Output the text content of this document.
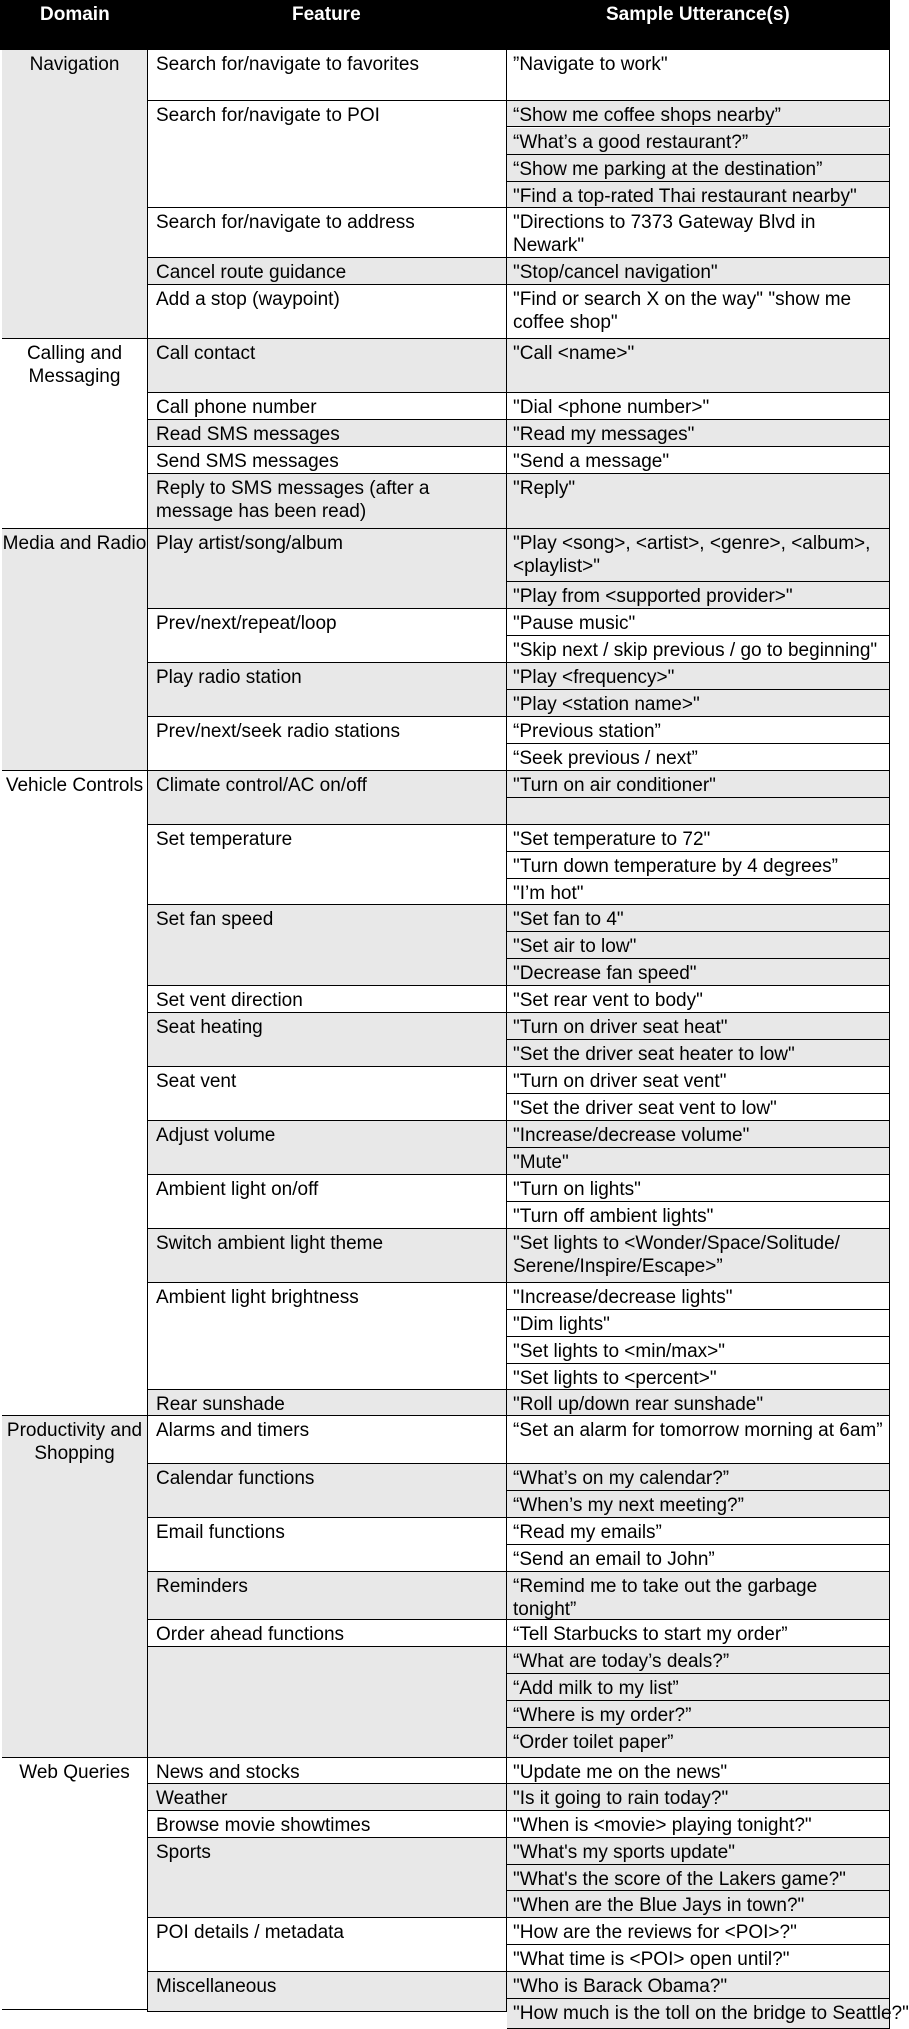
Domain	Feature	Sample Utterance(s)
Navigation
Calling and Messaging
Media and Radio
Vehicle Controls
Productivity and Shopping
Web Queries
Search for/navigate to favorites
Search for/navigate to POI
Search for/navigate to address
Cancel route guidance
Add a stop (waypoint)
Call contact
Call phone number
Read SMS messages
Send SMS messages
Reply to SMS messages (after a message has been read)
Play artist/song/album
Prev/next/repeat/loop
Play radio station
Prev/next/seek radio stations
Climate control/AC on/off
Set temperature
Set fan speed
Set vent direction
Seat heating
Seat vent
Adjust volume
Ambient light on/off
Switch ambient light theme
Ambient light brightness
Rear sunshade
Alarms and timers
Calendar functions
Email functions
Reminders
Order ahead functions
News and stocks
Weather
Browse movie showtimes
Sports
POI details / metadata
Miscellaneous
”Navigate to work"
“Show me coffee shops nearby”
“What’s a good restaurant?”
“Show me parking at the destination”
"Find a top-rated Thai restaurant nearby"
"Directions to 7373 Gateway Blvd in Newark"
"Stop/cancel navigation"
"Find or search X on the way" "show me coffee shop"
"Call <name>"
"Dial <phone number>"
"Read my messages"
"Send a message"
"Reply"
"Play <song>, <artist>, <genre>, <album>, <playlist>"
"Play from <supported provider>"
"Pause music"
"Skip next / skip previous / go to beginning"
"Play <frequency>"
"Play <station name>"
“Previous station”
“Seek previous / next”
"Turn on air conditioner"
"Set temperature to 72"
"Turn down temperature by 4 degrees”
"I’m hot"
"Set fan to 4"
"Set air to low"
"Decrease fan speed"
"Set rear vent to body"
"Turn on driver seat heat"
"Set the driver seat heater to low"
"Turn on driver seat vent"
"Set the driver seat vent to low"
"Increase/decrease volume"
"Mute"
"Turn on lights"
"Turn off ambient lights"
"Set lights to <Wonder/Space/Solitude/ Serene/Inspire/Escape>”
"Increase/decrease lights"
"Dim lights"
"Set lights to <min/max>"
"Set lights to <percent>"
"Roll up/down rear sunshade"
“Set an alarm for tomorrow morning at 6am”
“What’s on my calendar?”
“When’s my next meeting?”
“Read my emails”
“Send an email to John”
“Remind me to take out the garbage tonight”
“Tell Starbucks to start my order”
“What are today’s deals?”
“Add milk to my list”
“Where is my order?”
“Order toilet paper”
"Update me on the news"
"Is it going to rain today?"
"When is <movie> playing tonight?"
"What's my sports update"
"What's the score of the Lakers game?"
"When are the Blue Jays in town?"
"How are the reviews for <POI>?"
"What time is <POI> open until?"
"Who is Barack Obama?"
"How much is the toll on the bridge to Seattle?"
